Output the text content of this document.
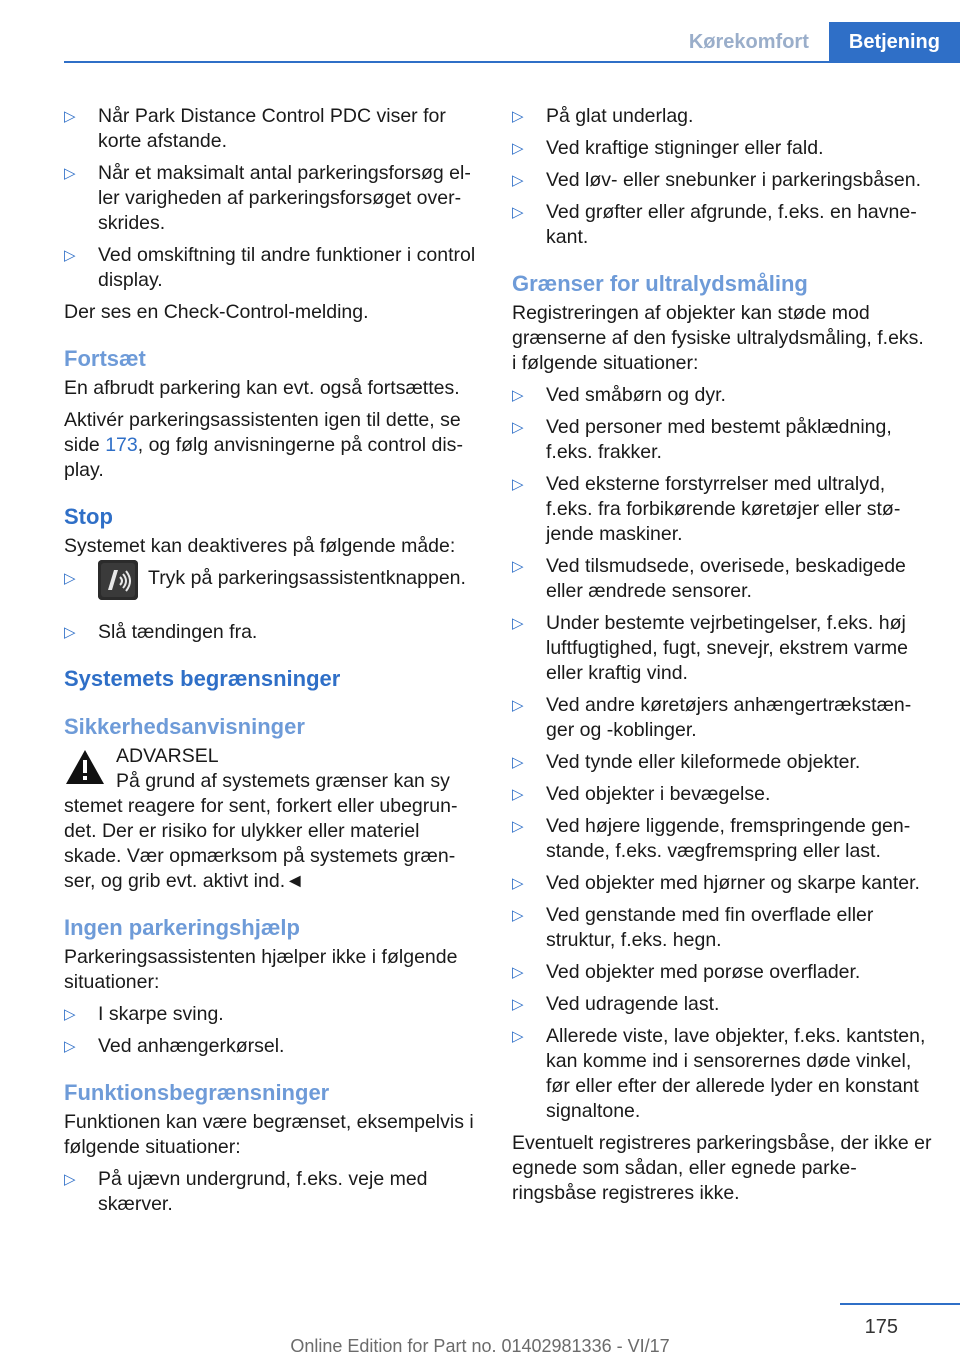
Kørekomfort	Betjening
▷ Når Park Distance Control PDC viser for korte afstande.
▷ Når et maksimalt antal parkeringsforsøg eller varigheden af parkeringsforsøget overskrides.
▷ Ved omskiftning til andre funktioner i control display.

Der ses en Check-Control-melding.

Fortsæt

En afbrudt parkering kan evt. også fortsættes.

Aktivér parkeringsassistenten igen til dette, se side 173, og følg anvisningerne på control display.

Stop

Systemet kan deaktiveres på følgende måde:

▷	Tryk på parkeringsassistentknappen.
▷ Slå tændingen fra.
Systemets begrænsninger
Sikkerhedsanvisninger
ADVARSEL
På grund af systemets grænser kan sy
stemet reagere for sent, forkert eller ubegrundet. Der er risiko for ulykker eller materiel skade. Vær opmærksom på systemets grænser, og grib evt. aktivt ind.◄
Ingen parkeringshjælp

Parkeringsassistenten hjælper ikke i følgende situationer:

▷ I skarpe sving.
▷ Ved anhængerkørsel.
Funktionsbegrænsninger

Funktionen kan være begrænset, eksempelvis i følgende situationer:

▷ På ujævn undergrund, f.eks. veje med skærver.
▷ På glat underlag.
▷ Ved kraftige stigninger eller fald.
▷ Ved løv- eller snebunker i parkeringsbåsen.
▷ Ved grøfter eller afgrunde, f.eks. en havnekant.
Grænser for ultralydsmåling

Registreringen af objekter kan støde mod grænserne af den fysiske ultralydsmåling, f.eks. i følgende situationer:

▷ Ved småbørn og dyr.
▷ Ved personer med bestemt påklædning, f.eks. frakker.
▷ Ved eksterne forstyrrelser med ultralyd, f.eks. fra forbikørende køretøjer eller støjende maskiner.
▷ Ved tilsmudsede, overisede, beskadigede eller ændrede sensorer.
▷ Under bestemte vejrbetingelser, f.eks. høj luftfugtighed, fugt, snevejr, ekstrem varme eller kraftig vind.
▷ Ved andre køretøjers anhængertrækstænger og -koblinger.
▷ Ved tynde eller kileformede objekter.
▷ Ved objekter i bevægelse.
▷ Ved højere liggende, fremspringende genstande, f.eks. vægfremspring eller last.
▷ Ved objekter med hjørner og skarpe kanter.
▷ Ved genstande med fin overflade eller struktur, f.eks. hegn.
▷ Ved objekter med porøse overflader.
▷ Ved udragende last.
▷ Allerede viste, lave objekter, f.eks. kantsten, kan komme ind i sensorernes døde vinkel, før eller efter der allerede lyder en konstant signaltone.

Eventuelt registreres parkeringsbåse, der ikke er egnede som sådan, eller egnede parkeringsbåse registreres ikke.

175
Online Edition for Part no. 01402981336 - VI/17
